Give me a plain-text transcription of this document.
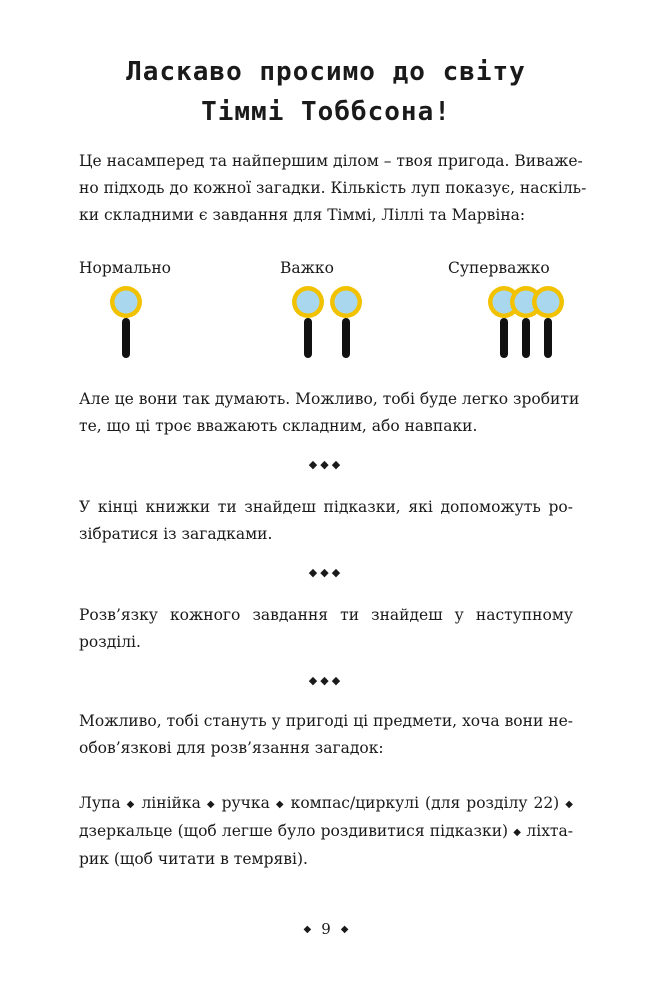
Ласкаво просимо до світу
Тіммі Тоббсона!
Це насамперед та найпершим ділом – твоя пригода. Виваже-
но підходь до кожної загадки. Кількість луп показує, наскіль-
ки складними є завдання для Тіммі, Ліллі та Марвіна:
Нормально	Важко	Суперважко
Але це вони так думають. Можливо, тобі буде легко зробити
те, що ці троє вважають складним, або навпаки.
◆◆◆
У кінці книжки ти знайдеш підказки, які допоможуть ро-
зібратися із загадками.
◆◆◆
Розв’язку кожного завдання ти знайдеш у наступному
розділі.
◆◆◆
Можливо, тобі стануть у пригоді ці предмети, хоча вони не-
обов’язкові для розв’язання загадок:
Лупа ◆ лінійка ◆ ручка ◆ компас/циркулі (для розділу 22) ◆
дзеркальце (щоб легше було роздивитися підказки) ◆ ліхта-
рик (щоб читати в темряві).
◆ 9 ◆
